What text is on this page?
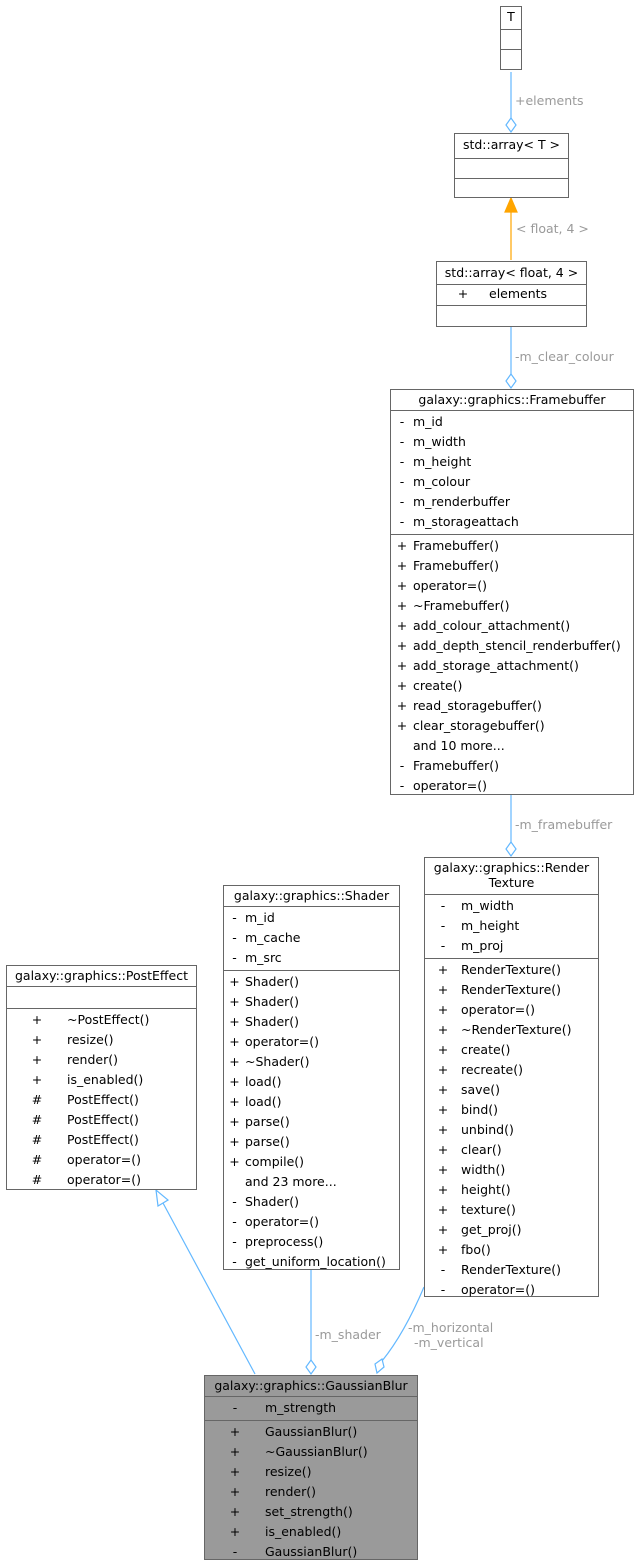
+elements
< float, 4 >
-m_clear_colour
-m_framebuffer
-m_shader -m_horizontal
-m_vertical
T
std::array< T >
std::array< float, 4 >
+	elements
galaxy::graphics::Framebuffer
- m_id
- m_width
- m_height
- m_colour
- m_renderbuffer
- m_storageattach
+ Framebuffer()
+ Framebuffer()
+ operator=()
+ ~Framebuffer()
+ add_colour_attachment()
+ add_depth_stencil_renderbuffer()
+ add_storage_attachment()
+ create()
+ read_storagebuffer()
+ clear_storagebuffer()
and 10 more...
- Framebuffer()
- operator=()
galaxy::graphics::Render
Texture
-	m_width
-	m_height
-	m_proj
+	RenderTexture()
+	RenderTexture()
+	operator=()
+	~RenderTexture()
+	create()
+	recreate()
+	save()
+	bind()
+	unbind()
+	clear()
+	width()
+	height()
+	texture()
+	get_proj()
+	fbo()
-	RenderTexture()
-	operator=()
galaxy::graphics::Shader
- m_id
- m_cache
- m_src
+ Shader()
+ Shader()
+ Shader()
+ operator=()
+ ~Shader()
+ load()
+ load()
+ parse()
+ parse()
+ compile()
and 23 more...
- Shader()
- operator=()
- preprocess()
- get_uniform_location()
galaxy::graphics::PostEffect
+	~PostEffect()
+	resize()
+	render()
+	is_enabled()
#	PostEffect()
#	PostEffect()
#	PostEffect()
#	operator=()
#	operator=()
galaxy::graphics::GaussianBlur
-	m_strength
+	GaussianBlur()
+	~GaussianBlur()
+	resize()
+	render()
+	set_strength()
+	is_enabled()
-	GaussianBlur()
